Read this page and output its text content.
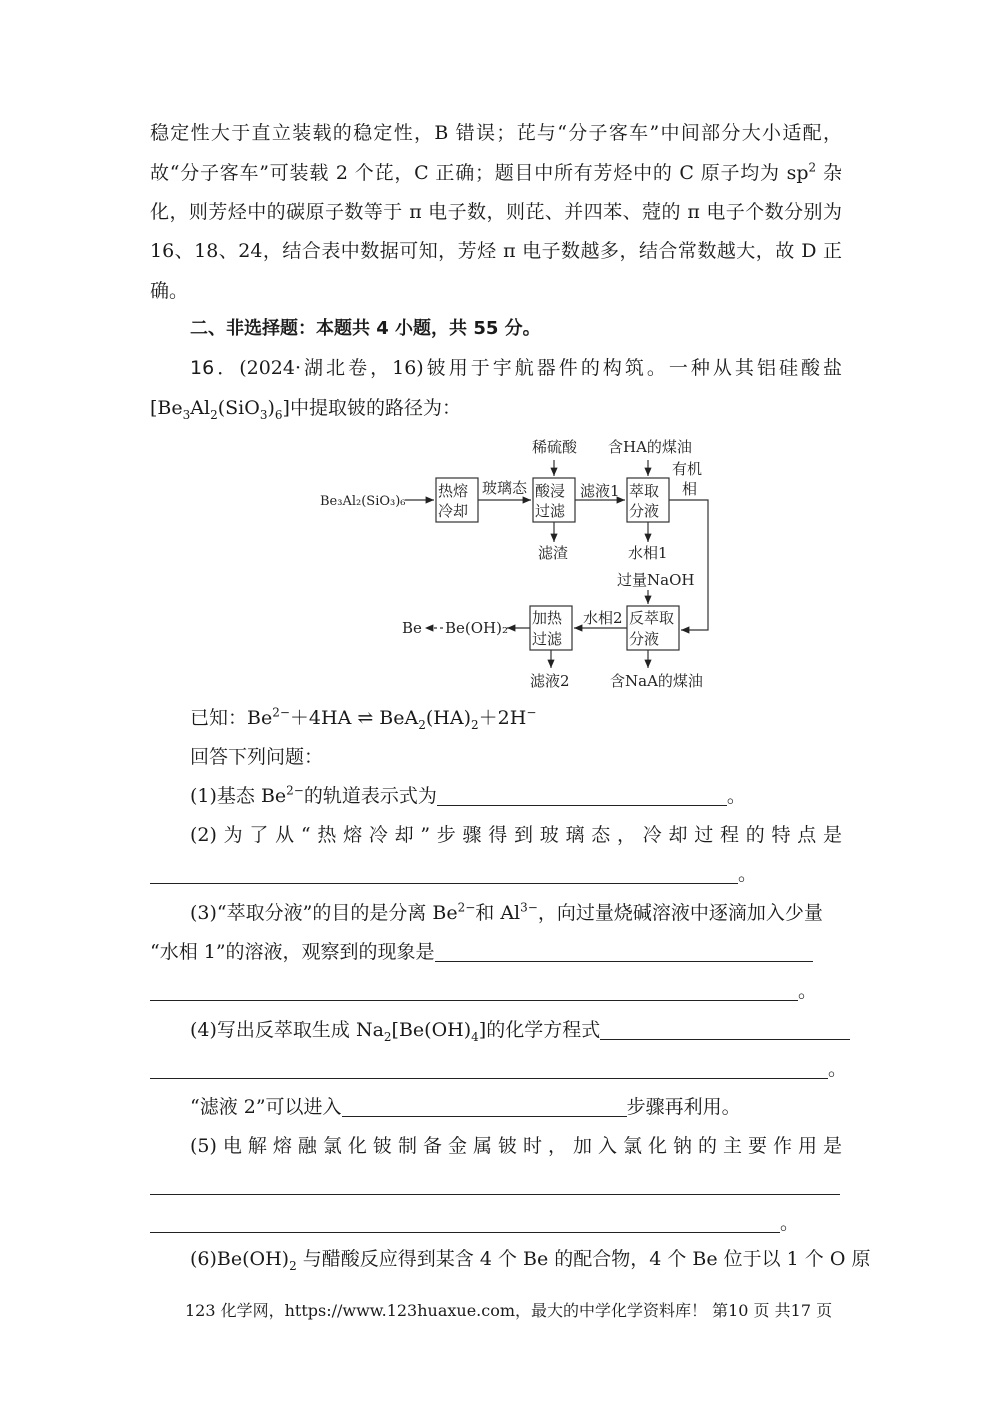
稳定性大于直立装载的稳定性，B 错误；芘与“分子客车”中间部分大小适配，
故“分子客车”可装载 2 个芘，C 正确；题目中所有芳烃中的 C 原子均为 $sp^2$ 杂
化，则芳烃中的碳原子数等于 π 电子数，则芘、并四苯、蒄的 π 电子个数分别为
16、18、24，结合表中数据可知，芳烃 π 电子数越多，结合常数越大，故 D 正
确。
二、非选择题：本题共 4 小题，共 55 分。
16．(2024·湖北卷，16)铍用于宇航器件的构筑。一种从其铝硅酸盐
$[Be_3Al_2(SiO_3)_6]$中提取铍的路径为：
Be₃Al₂(SiO₃)₆
热熔
冷却
玻璃态 酸浸
过滤
稀硫酸
滤渣
滤液1 萃取
分液
含HA的煤油
有机
相
水相1
过量NaOH
反萃取
分液
含NaA的煤油
水相2
加热
过滤
滤液2
Be(OH)₂
Be
已知：$Be^{2-}+4HA$ ⇌ $BeA_2(HA)_2+2H^-$
回答下列问题：
(1)基态 $Be^{2-}$的轨道表示式为	。
(2)为了从“热熔冷却”步骤得到玻璃态，冷却过程的特点是
。
(3)“萃取分液”的目的是分离 $Be^{2-}$和 $Al^{3-}$，向过量烧碱溶液中逐滴加入少量
“水相 1”的溶液，观察到的现象是
。
(4)写出反萃取生成 $Na_2[Be(OH)_4]$的化学方程式
。
“滤液 2”可以进入	步骤再利用。
(5)电解熔融氯化铍制备金属铍时，加入氯化钠的主要作用是
。
$(6)Be(OH)_2$ 与醋酸反应得到某含 4 个 Be 的配合物，4 个 Be 位于以 1 个 O 原
123 化学网，https://www.123huaxue.com，最大的中学化学资料库！ 第10 页 共17 页
